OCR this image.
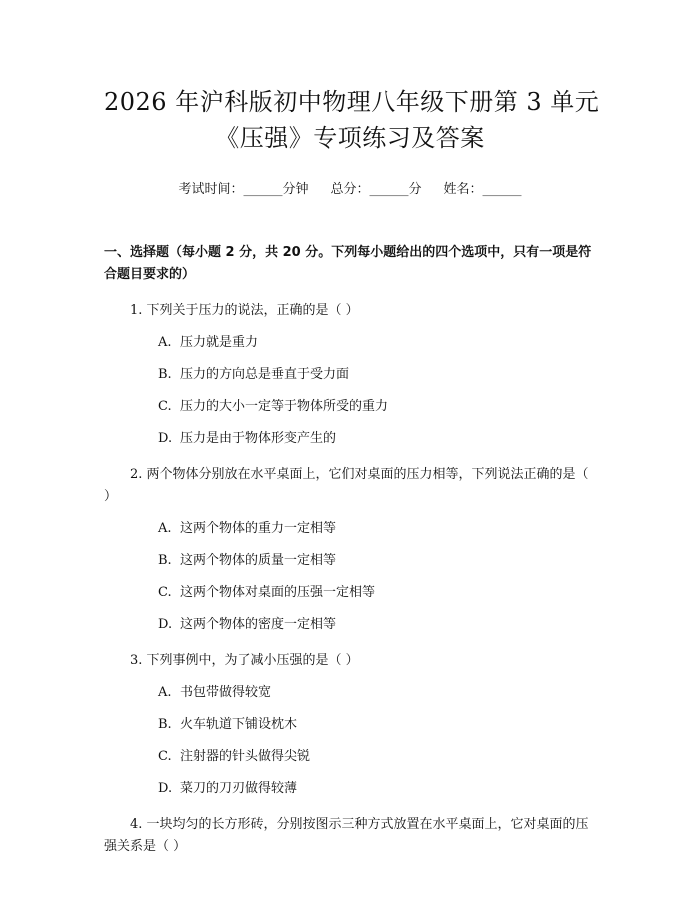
2026 年沪科版初中物理八年级下册第 3 单元
《压强》专项练习及答案
考试时间：______分钟 总分：______分 姓名：______
一、选择题（每小题 2 分，共 20 分。下列每小题给出的四个选项中，只有一项是符合题目要求的）
1. 下列关于压力的说法，正确的是（ ）
A. 压力就是重力
B. 压力的方向总是垂直于受力面
C. 压力的大小一定等于物体所受的重力
D. 压力是由于物体形变产生的
2. 两个物体分别放在水平桌面上，它们对桌面的压力相等，下列说法正确的是（ ）
A. 这两个物体的重力一定相等
B. 这两个物体的质量一定相等
C. 这两个物体对桌面的压强一定相等
D. 这两个物体的密度一定相等
3. 下列事例中，为了减小压强的是（ ）
A. 书包带做得较宽
B. 火车轨道下铺设枕木
C. 注射器的针头做得尖锐
D. 菜刀的刀刃做得较薄
4. 一块均匀的长方形砖，分别按图示三种方式放置在水平桌面上，它对桌面的压强关系是（ ）
